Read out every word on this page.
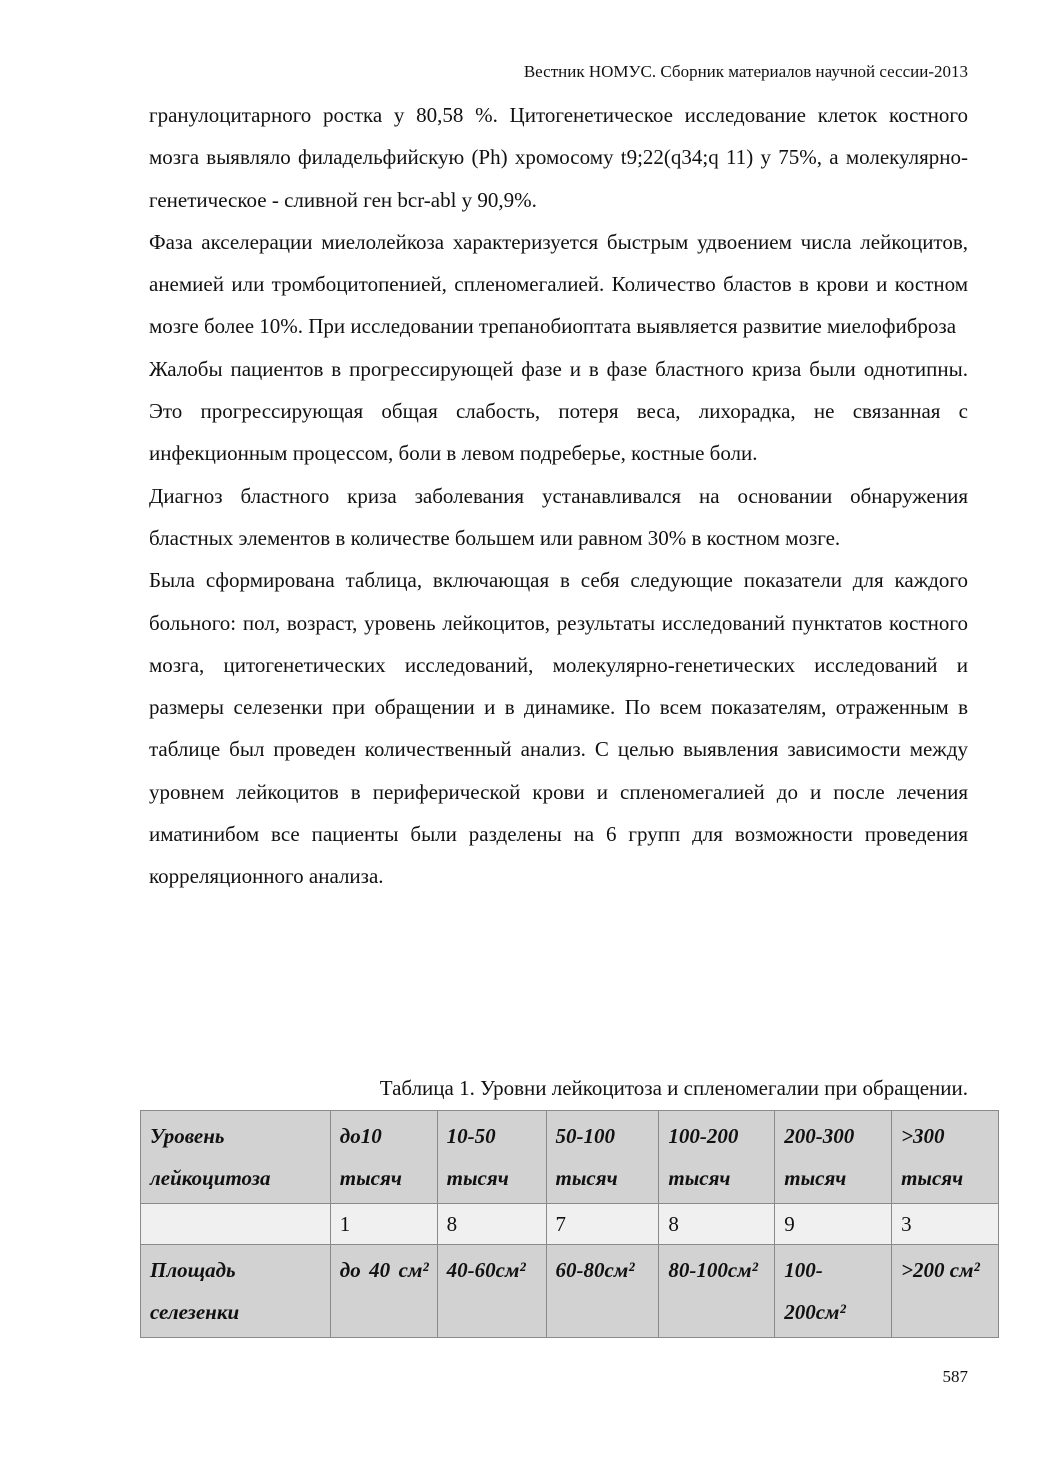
Вестник НОМУС. Сборник материалов научной сессии-2013

гранулоцитарного ростка у 80,58 %. Цитогенетическое исследование клеток костного мозга выявляло филадельфийскую (Ph) хромосому t9;22(q34;q 11) у 75%, а молекулярно-генетическое - сливной ген bcr-abl у 90,9%.

Фаза акселерации миелолейкоза характеризуется быстрым удвоением числа лейкоцитов, анемией или тромбоцитопенией, спленомегалией. Количество бластов в крови и костном мозге более 10%. При исследовании трепанобиоптата выявляется развитие миелофиброза

Жалобы пациентов в прогрессирующей фазе и в фазе бластного криза были однотипны. Это прогрессирующая общая слабость, потеря веса, лихорадка, не связанная с инфекционным процессом, боли в левом подреберье, костные боли.

Диагноз бластного криза заболевания устанавливался на основании обнаружения бластных элементов в количестве большем или равном 30% в костном мозге.

Была сформирована таблица, включающая в себя следующие показатели для каждого больного: пол, возраст, уровень лейкоцитов, результаты исследований пунктатов костного мозга, цитогенетических исследований, молекулярно-генетических исследований и размеры селезенки при обращении и в динамике. По всем показателям, отраженным в таблице был проведен количественный анализ. С целью выявления зависимости между уровнем лейкоцитов в периферической крови и спленомегалией до и после лечения иматинибом все пациенты были разделены на 6 групп для возможности проведения корреляционного анализа.

Таблица 1. Уровни лейкоцитоза и спленомегалии при обращении.
Уровень лейкоцитоза	до10 тысяч	10-50 тысяч	50-100 тысяч	100-200 тысяч	200-300 тысяч	>300 тысяч
	1	8	7	8	9	3
Площадь селезенки	до 40 см²	40-60см²	60-80см²	80-100см²	100-200см²	>200 см²
587
